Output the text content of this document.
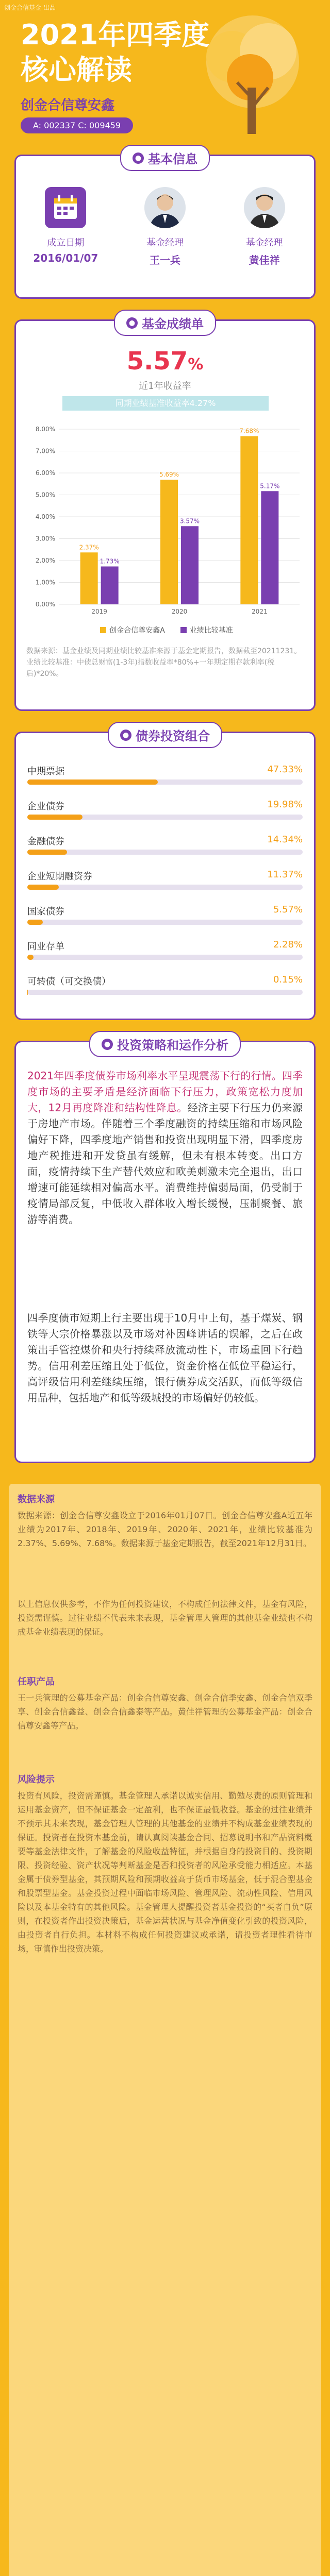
创金合信基金 出品
2021年四季度
核心解读
创金合信尊安鑫
A: 002337 C: 009459
● 基本信息
成立日期
2016/01/07
基金经理
王一兵
基金经理
黄佳祥
● 基金成绩单
5.57%
近1年收益率
同期业绩基准收益率4.27%
0.00%
1.00%
2.00%
3.00%
4.00%
5.00%
6.00%
7.00%
8.00%
2.37%
1.73%
2019
5.69%
3.57%
2020
7.68%
5.17%
2021
创金合信尊安鑫A	业绩比较基准
数据来源：基金业绩及同期业绩比较基准来源于基金定期报告，数据截至20211231。业绩比较基准：中债总财富(1-3年)指数收益率*80%+一年期定期存款利率(税后)*20%。
● 债券投资组合
中期票据	47.33%
企业债券	19.98%
金融债券	14.34%
企业短期融资券	11.37%
国家债券	5.57%
同业存单	2.28%
可转债（可交换债）	0.15%
● 投资策略和运作分析
2021年四季度债券市场利率水平呈现震荡下行的行情。四季度市场的主要矛盾是经济面临下行压力，政策宽松力度加大，12月再度降准和结构性降息。经济主要下行压力仍来源于房地产市场。伴随着三个季度融资的持续压缩和市场风险偏好下降，四季度地产销售和投资出现明显下滑，四季度房地产税推进和开发贷虽有缓解，但未有根本转变。出口方面，疫情持续下生产替代效应和欧美刺激未完全退出，出口增速可能延续相对偏高水平。消费维持偏弱局面，仍受制于疫情局部反复，中低收入群体收入增长缓慢，压制聚餐、旅游等消费。
四季度债市短期上行主要出现于10月中上旬，基于煤炭、钢铁等大宗价格暴涨以及市场对补因峰讲话的误解，之后在政策出手管控煤价和央行持续释放流动性下，市场重回下行趋势。信用利差压缩且处于低位，资金价格在低位平稳运行，高评级信用利差继续压缩，银行债券成交活跃，而低等级信用品种，包括地产和低等级城投的市场偏好仍较低。
数据来源

数据来源：创金合信尊安鑫设立于2016年01月07日。创金合信尊安鑫A近五年业绩为2017年、2018年、2019年、2020年、2021年，业绩比较基准为2.37%、5.69%、7.68%。数据来源于基金定期报告，截至2021年12月31日。

以上信息仅供参考，不作为任何投资建议，不构成任何法律文件，基金有风险，投资需谨慎。过往业绩不代表未来表现，基金管理人管理的其他基金业绩也不构成基金业绩表现的保证。

任职产品

王一兵管理的公募基金产品：创金合信尊安鑫、创金合信季安鑫、创金合信双季享、创金合信鑫益、创金合信鑫泰等产品。黄佳祥管理的公募基金产品：创金合信尊安鑫等产品。

风险提示

投资有风险，投资需谨慎。基金管理人承诺以诚实信用、勤勉尽责的原则管理和运用基金资产，但不保证基金一定盈利，也不保证最低收益。基金的过往业绩并不预示其未来表现，基金管理人管理的其他基金的业绩并不构成基金业绩表现的保证。投资者在投资本基金前，请认真阅读基金合同、招募说明书和产品资料概要等基金法律文件，了解基金的风险收益特征，并根据自身的投资目的、投资期限、投资经验、资产状况等判断基金是否和投资者的风险承受能力相适应。本基金属于债券型基金，其预期风险和预期收益高于货币市场基金，低于混合型基金和股票型基金。基金投资过程中面临市场风险、管理风险、流动性风险、信用风险以及本基金特有的其他风险。基金管理人提醒投资者基金投资的“买者自负”原则，在投资者作出投资决策后，基金运营状况与基金净值变化引致的投资风险，由投资者自行负担。本材料不构成任何投资建议或承诺，请投资者理性看待市场，审慎作出投资决策。
